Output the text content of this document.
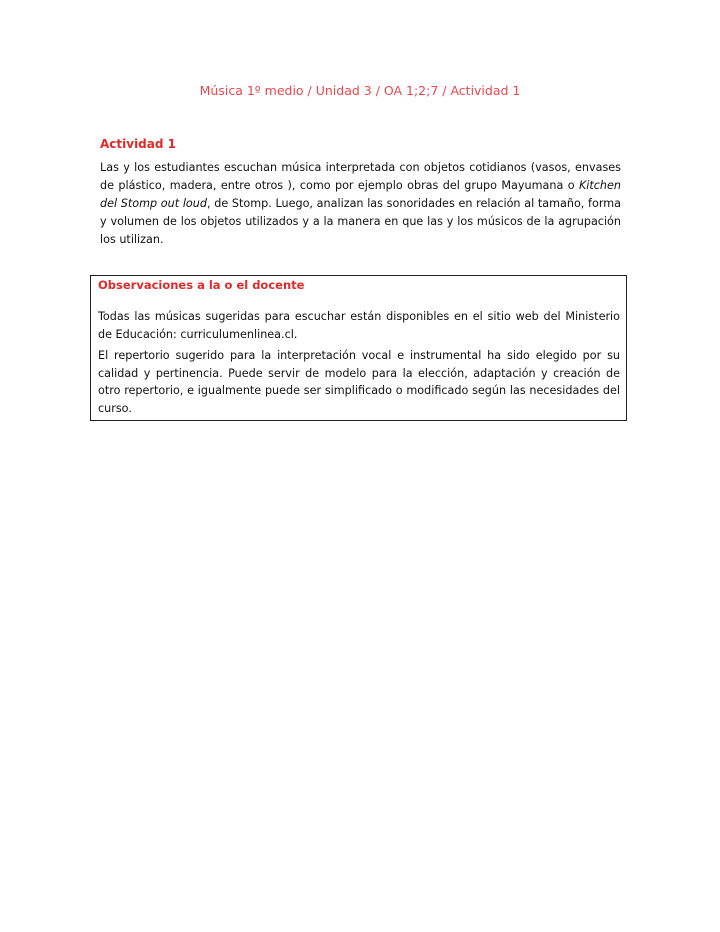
Música 1º medio / Unidad 3 / OA 1;2;7 / Actividad 1
Actividad 1

Las y los estudiantes escuchan música interpretada con objetos cotidianos (vasos, envases de plástico, madera, entre otros ), como por ejemplo obras del grupo Mayumana o Kitchen del Stomp out loud, de Stomp. Luego, analizan las sonoridades en relación al tamaño, forma y volumen de los objetos utilizados y a la manera en que las y los músicos de la agrupación los utilizan.

Observaciones a la o el docente

Todas las músicas sugeridas para escuchar están disponibles en el sitio web del Ministerio de Educación: curriculumenlinea.cl.

El repertorio sugerido para la interpretación vocal e instrumental ha sido elegido por su calidad y pertinencia. Puede servir de modelo para la elección, adaptación y creación de otro repertorio, e igualmente puede ser simplificado o modificado según las necesidades del curso.
